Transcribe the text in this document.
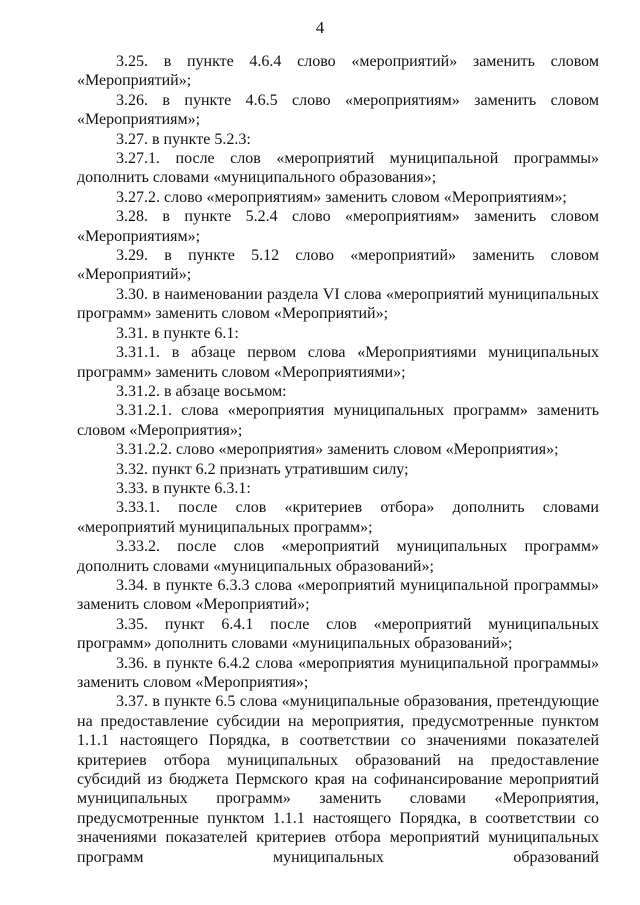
4

3.25. в пункте 4.6.4 слово «мероприятий» заменить словом «Мероприятий»;

3.26. в пункте 4.6.5 слово «мероприятиям» заменить словом «Мероприятиям»;

3.27. в пункте 5.2.3:

3.27.1. после слов «мероприятий муниципальной программы» дополнить словами «муниципального образования»;

3.27.2. слово «мероприятиям» заменить словом «Мероприятиям»;

3.28. в пункте 5.2.4 слово «мероприятиям» заменить словом «Мероприятиям»;

3.29. в пункте 5.12 слово «мероприятий» заменить словом «Мероприятий»;

3.30. в наименовании раздела VI слова «мероприятий муниципальных программ» заменить словом «Мероприятий»;

3.31. в пункте 6.1:

3.31.1. в абзаце первом слова «Мероприятиями муниципальных программ» заменить словом «Мероприятиями»;

3.31.2. в абзаце восьмом:

3.31.2.1. слова «мероприятия муниципальных программ» заменить словом «Мероприятия»;

3.31.2.2. слово «мероприятия» заменить словом «Мероприятия»;

3.32. пункт 6.2 признать утратившим силу;

3.33. в пункте 6.3.1:

3.33.1. после слов «критериев отбора» дополнить словами «мероприятий муниципальных программ»;

3.33.2. после слов «мероприятий муниципальных программ» дополнить словами «муниципальных образований»;

3.34. в пункте 6.3.3 слова «мероприятий муниципальной программы» заменить словом «Мероприятий»;

3.35. пункт 6.4.1 после слов «мероприятий муниципальных программ» дополнить словами «муниципальных образований»;

3.36. в пункте 6.4.2 слова «мероприятия муниципальной программы» заменить словом «Мероприятия»;

3.37. в пункте 6.5 слова «муниципальные образования, претендующие на предоставление субсидии на мероприятия, предусмотренные пунктом 1.1.1 настоящего Порядка, в соответствии со значениями показателей критериев отбора муниципальных образований на предоставление субсидий из бюджета Пермского края на софинансирование мероприятий муниципальных программ» заменить словами «Мероприятия, предусмотренные пунктом 1.1.1 настоящего Порядка, в соответствии со значениями показателей критериев отбора мероприятий муниципальных программ муниципальных образований
